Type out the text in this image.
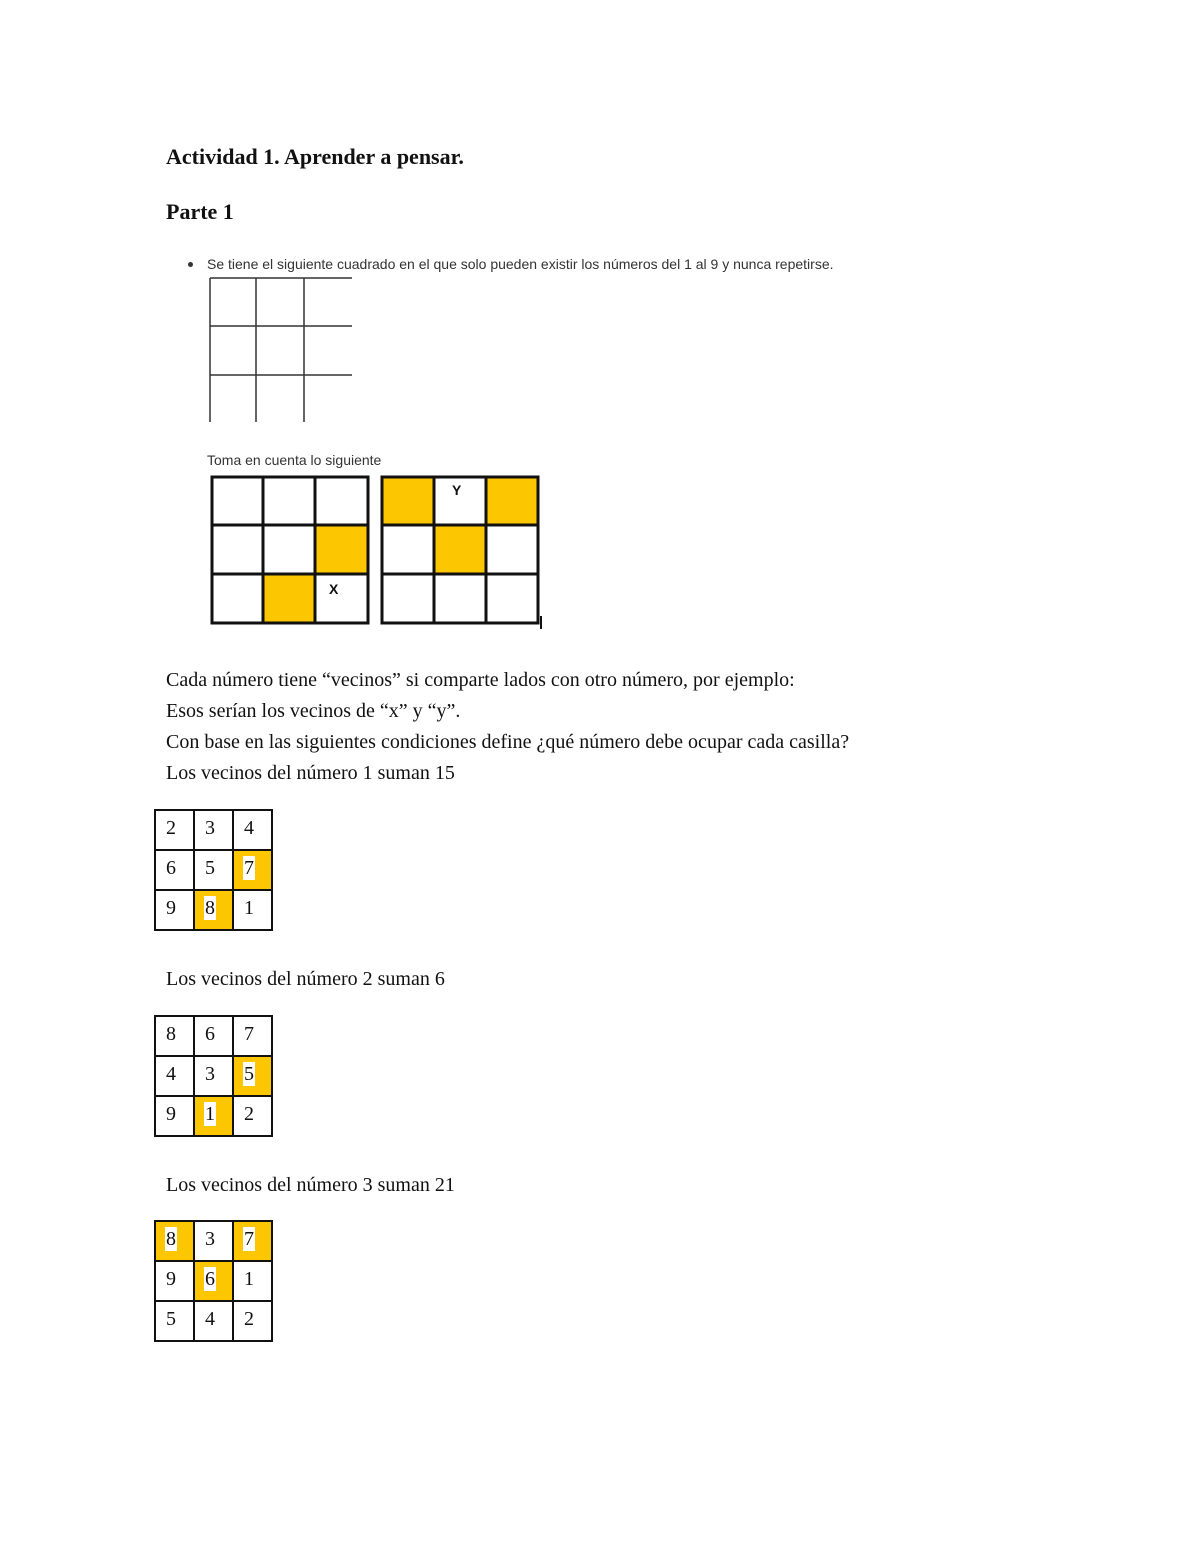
Actividad 1. Aprender a pensar.
Parte 1
Se tiene el siguiente cuadrado en el que solo pueden existir los números del 1 al 9 y nunca repetirse.
Toma en cuenta lo siguiente
X
Y
Cada número tiene “vecinos” si comparte lados con otro número, por ejemplo:
Esos serían los vecinos de “x” y “y”.
Con base en las siguientes condiciones define ¿qué número debe ocupar cada casilla?
Los vecinos del número 1 suman 15
2 3 4
6 5 7
9 8 1
Los vecinos del número 2 suman 6
8 6 7
4 3 5
9 1 2
Los vecinos del número 3 suman 21
8 3 7
9 6 1
5 4 2
